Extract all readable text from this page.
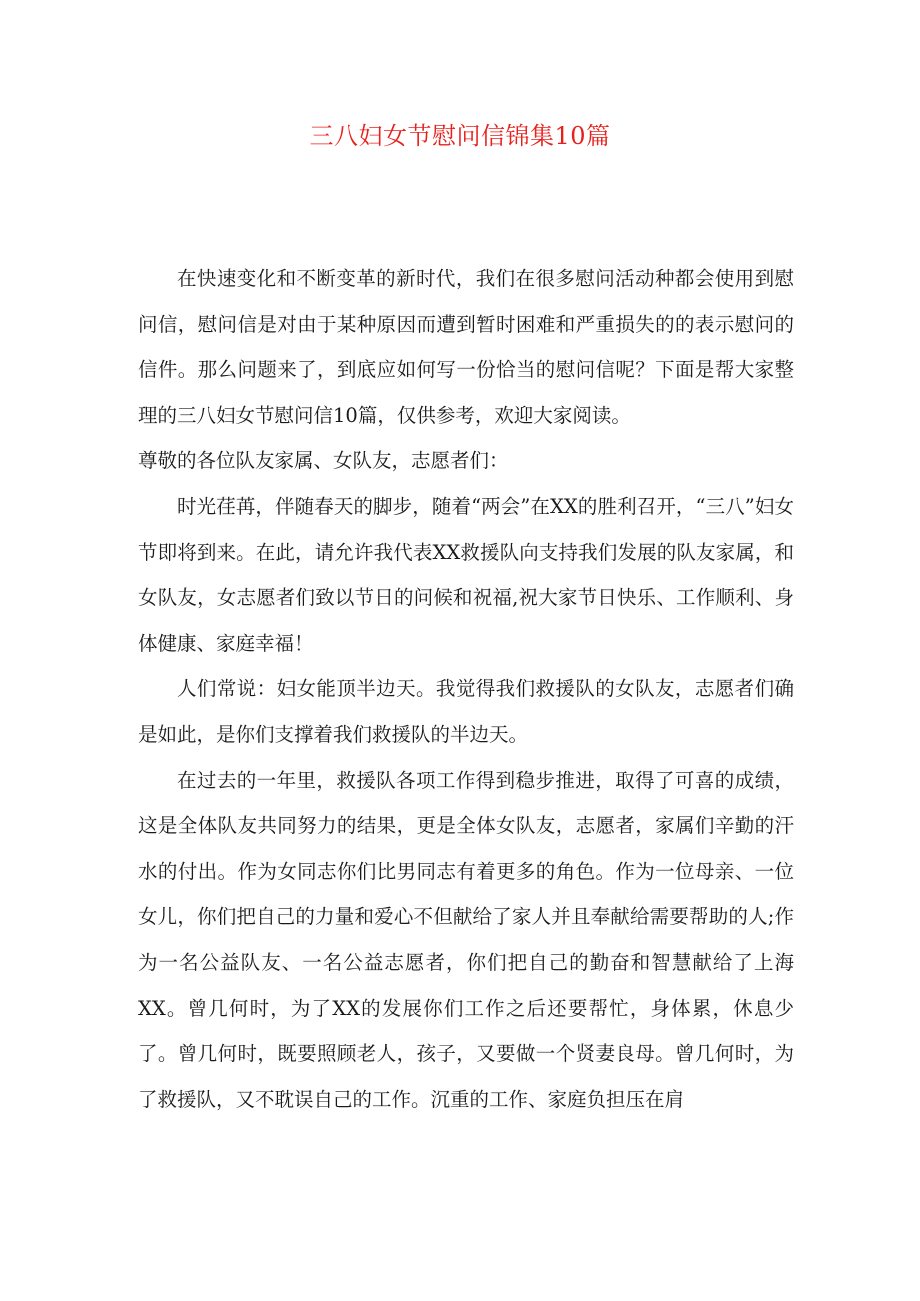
三八妇女节慰问信锦集10篇

在快速变化和不断变革的新时代，我们在很多慰问活动种都会使用到慰问信，慰问信是对由于某种原因而遭到暂时困难和严重损失的的表示慰问的信件。那么问题来了，到底应如何写一份恰当的慰问信呢？下面是帮大家整理的三八妇女节慰问信10篇，仅供参考，欢迎大家阅读。

尊敬的各位队友家属、女队友，志愿者们：

时光荏苒，伴随春天的脚步，随着“两会”在XX的胜利召开，“三八”妇女节即将到来。在此，请允许我代表XX救援队向支持我们发展的队友家属，和女队友，女志愿者们致以节日的问候和祝福,祝大家节日快乐、工作顺利、身体健康、家庭幸福！

人们常说：妇女能顶半边天。我觉得我们救援队的女队友，志愿者们确是如此，是你们支撑着我们救援队的半边天。

在过去的一年里，救援队各项工作得到稳步推进，取得了可喜的成绩，这是全体队友共同努力的结果，更是全体女队友，志愿者，家属们辛勤的汗水的付出。作为女同志你们比男同志有着更多的角色。作为一位母亲、一位女儿，你们把自己的力量和爱心不但献给了家人并且奉献给需要帮助的人;作为一名公益队友、一名公益志愿者，你们把自己的勤奋和智慧献给了上海XX。曾几何时，为了XX的发展你们工作之后还要帮忙，身体累，休息少了。曾几何时，既要照顾老人，孩子，又要做一个贤妻良母。曾几何时，为了救援队，又不耽误自己的工作。沉重的工作、家庭负担压在肩
